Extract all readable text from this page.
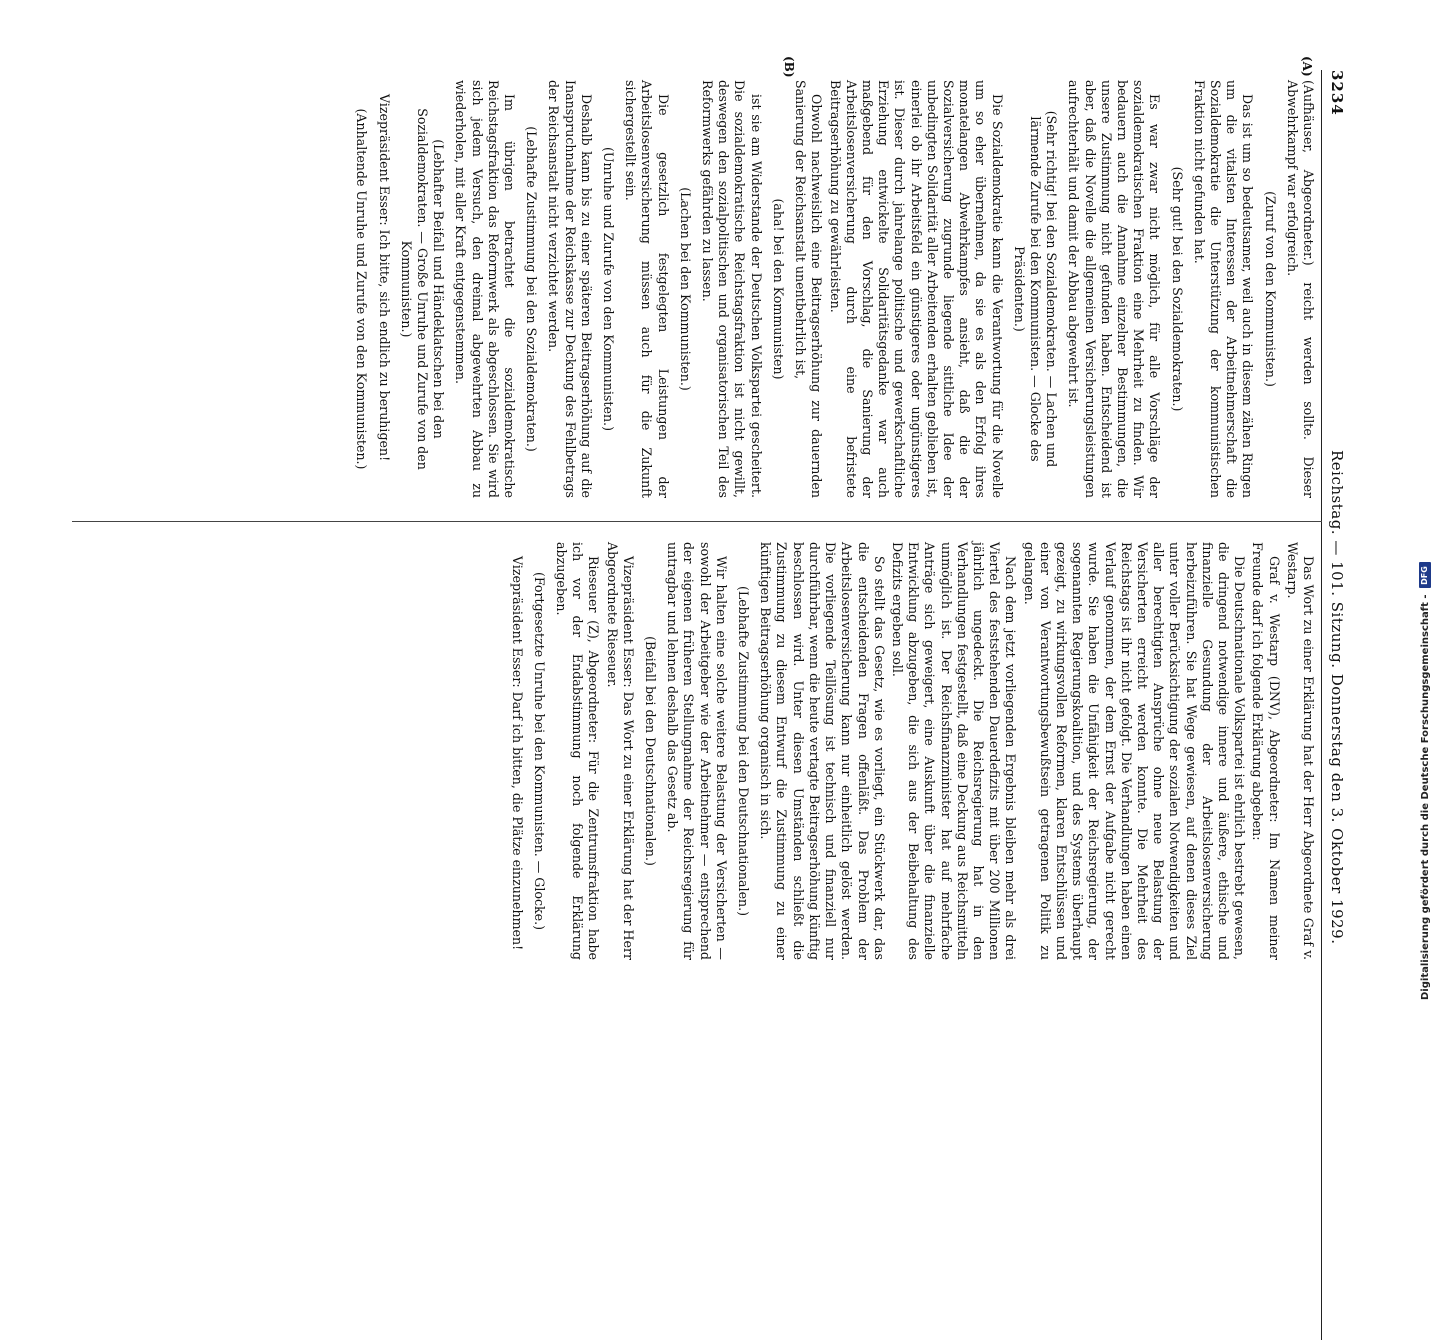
3234
Reichstag. — 101. Sitzung. Donnerstag den 3. Oktober 1929.
(A)
(B)

(Aufhäuser, Abgeordneter.) reicht werden sollte. Dieser Abwehrkampf war erfolgreich.

(Zuruf von den Kommunisten.)

Das ist um so bedeutsamer, weil auch in diesem zähen Ringen um die vitalsten Interessen der Arbeitnehmerschaft die Sozialdemokratie die Unterstützung der kommunistischen Fraktion nicht gefunden hat.

(Sehr gut! bei den Sozialdemokraten.)

Es war zwar nicht möglich, für alle Vorschläge der sozialdemokratischen Fraktion eine Mehrheit zu finden. Wir bedauern auch die Annahme einzelner Bestimmungen, die unsere Zustimmung nicht gefunden haben. Entscheidend ist aber, daß die Novelle die allgemeinen Versicherungsleistungen aufrechterhält und damit der Abbau abgewehrt ist.

(Sehr richtig! bei den Sozialdemokraten. — Lachen und lärmende Zurufe bei den Kommunisten. — Glocke des Präsidenten.)

Die Sozialdemokratie kann die Verantwortung für die Novelle um so eher übernehmen, da sie es als den Erfolg ihres monatelangen Abwehrkampfes ansieht, daß die der Sozialversicherung zugrunde liegende sittliche Idee der unbedingten Solidarität aller Arbeitenden erhalten geblieben ist, einerlei ob ihr Arbeitsfeld ein günstigeres oder ungünstigeres ist. Dieser durch jahrelange politische und gewerkschaftliche Erziehung entwickelte Solidaritätsgedanke war auch maßgebend für den Vorschlag, die Sanierung der Arbeitslosenversicherung durch eine befristete Beitragserhöhung zu gewährleisten.

Obwohl nachweislich eine Beitragserhöhung zur dauernden Sanierung der Reichsanstalt unentbehrlich ist,

(aha! bei den Kommunisten)

ist sie am Widerstande der Deutschen Volkspartei gescheitert. Die sozialdemokratische Reichstagsfraktion ist nicht gewillt, deswegen den sozialpolitischen und organisatorischen Teil des Reformwerks gefährden zu lassen.

(Lachen bei den Kommunisten.)

Die gesetzlich festgelegten Leistungen der Arbeitslosenversicherung müssen auch für die Zukunft sichergestellt sein.

(Unruhe und Zurufe von den Kommunisten.)

Deshalb kann bis zu einer späteren Beitragserhöhung auf die Inanspruchnahme der Reichskasse zur Deckung des Fehlbetrags der Reichsanstalt nicht verzichtet werden.

(Lebhafte Zustimmung bei den Sozialdemokraten.)

Im übrigen betrachtet die sozialdemokratische Reichstagsfraktion das Reformwerk als abgeschlossen. Sie wird sich jedem Versuch, den dreimal abgewehrten Abbau zu wiederholen, mit aller Kraft entgegenstemmen.

(Lebhafter Beifall und Händeklatschen bei den Sozialdemokraten. — Große Unruhe und Zurufe von den Kommunisten.)

Vizepräsident Esser: Ich bitte, sich endlich zu beruhigen!

(Anhaltende Unruhe und Zurufe von den Kommunisten.)

Das Wort zu einer Erklärung hat der Herr Abgeordnete Graf v. Westarp.

Graf v. Westarp (DNV), Abgeordneter: Im Namen meiner Freunde darf ich folgende Erklärung abgeben:

Die Deutschnationale Volkspartei ist ehrlich bestrebt gewesen, die dringend notwendige innere und äußere, ethische und finanzielle Gesundung der Arbeitslosenversicherung herbeizuführen. Sie hat Wege gewiesen, auf denen dieses Ziel unter voller Berücksichtigung der sozialen Notwendigkeiten und aller berechtigten Ansprüche ohne neue Belastung der Versicherten erreicht werden konnte. Die Mehrheit des Reichstags ist ihr nicht gefolgt. Die Verhandlungen haben einen Verlauf genommen, der dem Ernst der Aufgabe nicht gerecht wurde. Sie haben die Unfähigkeit der Reichsregierung, der sogenannten Regierungskoalition, und des Systems überhaupt gezeigt, zu wirkungsvollen Reformen, klaren Entschlüssen und einer von Verantwortungsbewußtsein getragenen Politik zu gelangen.

Nach dem jetzt vorliegenden Ergebnis bleiben mehr als drei Viertel des feststehenden Dauerdefizits mit über 200 Millionen jährlich ungedeckt. Die Reichsregierung hat in den Verhandlungen festgestellt, daß eine Deckung aus Reichsmitteln unmöglich ist. Der Reichsfinanzminister hat auf mehrfache Anträge sich geweigert, eine Auskunft über die finanzielle Entwicklung abzugeben, die sich aus der Beibehaltung des Defizits ergeben soll.

So stellt das Gesetz, wie es vorliegt, ein Stückwerk dar, das die entscheidenden Fragen offenläßt. Das Problem der Arbeitslosenversicherung kann nur einheitlich gelöst werden. Die vorliegende Teillösung ist technisch und finanziell nur durchführbar, wenn die heute vertagte Beitragserhöhung künftig beschlossen wird. Unter diesen Umständen schließt die Zustimmung zu diesem Entwurf die Zustimmung zu einer künftigen Beitragserhöhung organisch in sich.

(Lebhafte Zustimmung bei den Deutschnationalen.)

Wir halten eine solche weitere Belastung der Versicherten — sowohl der Arbeitgeber wie der Arbeitnehmer — entsprechend der eigenen früheren Stellungnahme der Reichsregierung für untragbar und lehnen deshalb das Gesetz ab.

(Beifall bei den Deutschnationalen.)

Vizepräsident Esser: Das Wort zu einer Erklärung hat der Herr Abgeordnete Rieseuer.

Rieseuer (Z), Abgeordneter: Für die Zentrumsfraktion habe ich vor der Endabstimmung noch folgende Erklärung abzugeben.

(Fortgesetzte Unruhe bei den Kommunisten. — Glocke.)

Vizepräsident Esser: Darf ich bitten, die Plätze einzunehmen!	Digitalisierung gefördert durch die Deutsche Forschungsgemeinschaft -
DFG
